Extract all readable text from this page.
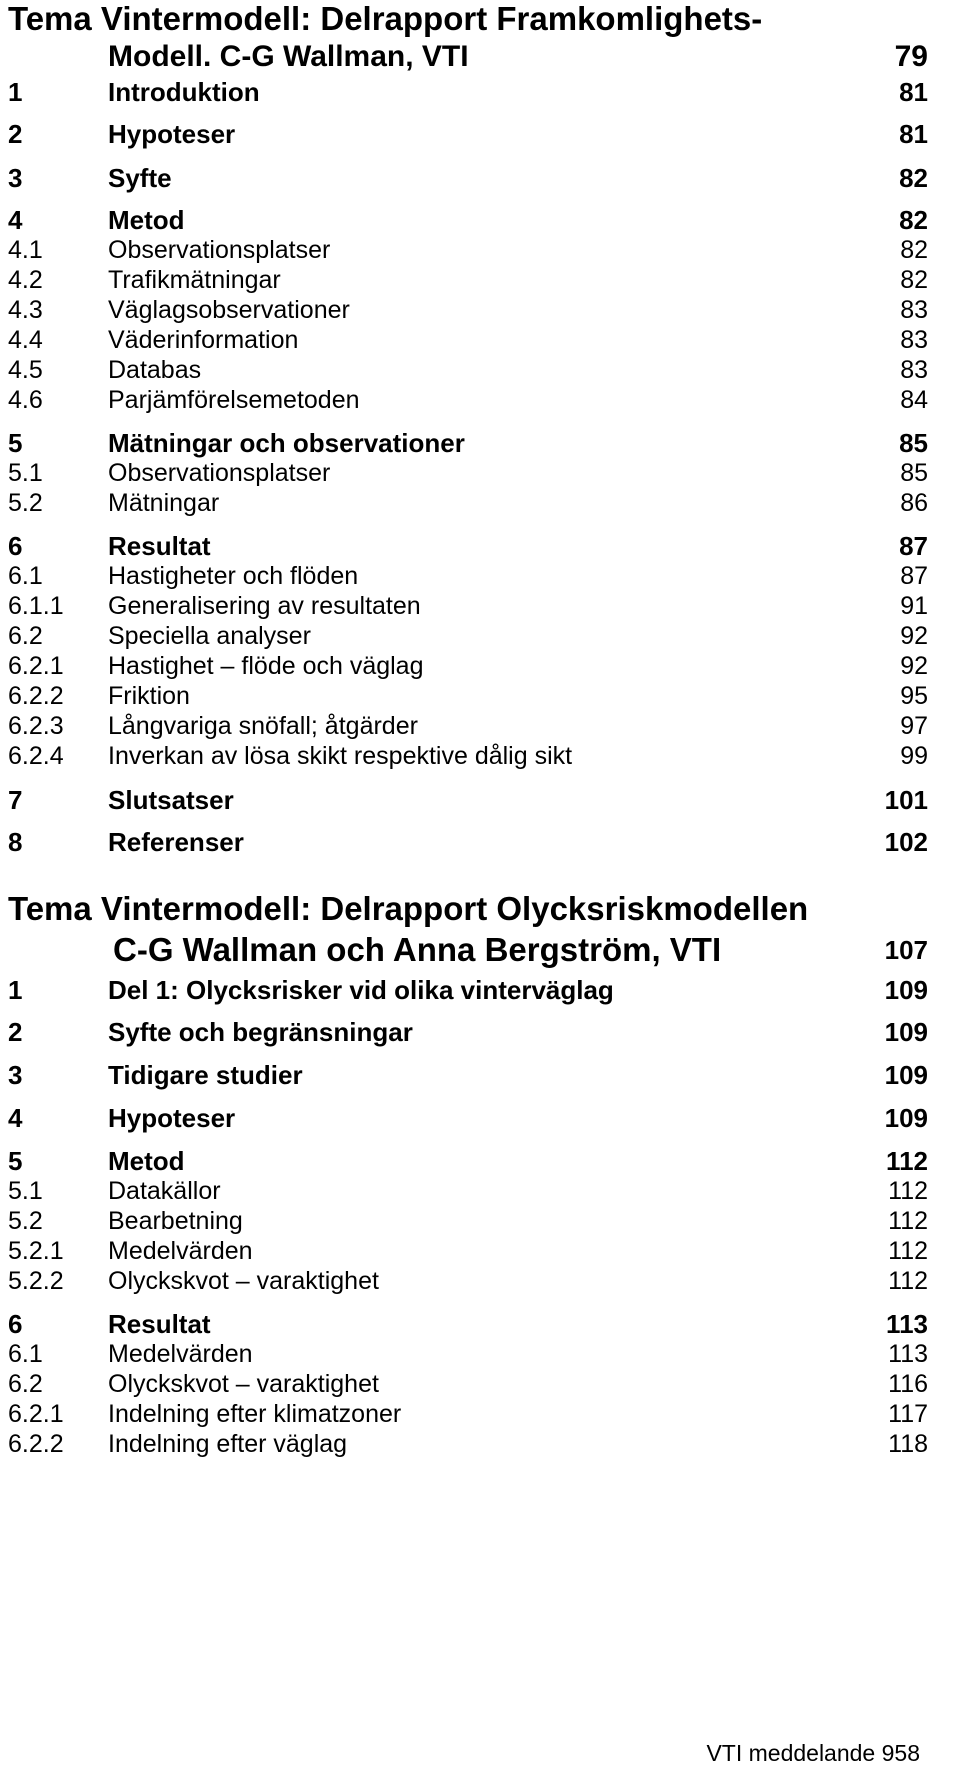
Tema Vintermodell: Delrapport Framkomlighets-
Modell. C-G Wallman, VTI	79
1	Introduktion	81
2	Hypoteser	81
3	Syfte	82
4	Metod	82
4.1	Observationsplatser	82
4.2	Trafikmätningar	82
4.3	Väglagsobservationer	83
4.4	Väderinformation	83
4.5	Databas	83
4.6	Parjämförelsemetoden	84
5	Mätningar och observationer	85
5.1	Observationsplatser	85
5.2	Mätningar	86
6	Resultat	87
6.1	Hastigheter och flöden	87
6.1.1 Generalisering av resultaten	91
6.2	Speciella analyser	92
6.2.1 Hastighet – flöde och väglag	92
6.2.2 Friktion	95
6.2.3 Långvariga snöfall; åtgärder	97
6.2.4 Inverkan av lösa skikt respektive dålig sikt	99
7	Slutsatser	101
8	Referenser	102
Tema Vintermodell: Delrapport Olycksriskmodellen
C-G Wallman och Anna Bergström, VTI	107
1	Del 1: Olycksrisker vid olika vinterväglag	109
2	Syfte och begränsningar	109
3	Tidigare studier	109
4	Hypoteser	109
5	Metod	112
5.1	Datakällor	112
5.2	Bearbetning	112
5.2.1 Medelvärden	112
5.2.2 Olyckskvot – varaktighet	112
6	Resultat	113
6.1	Medelvärden	113
6.2	Olyckskvot – varaktighet	116
6.2.1 Indelning efter klimatzoner	117
6.2.2 Indelning efter väglag	118
VTI meddelande 958
